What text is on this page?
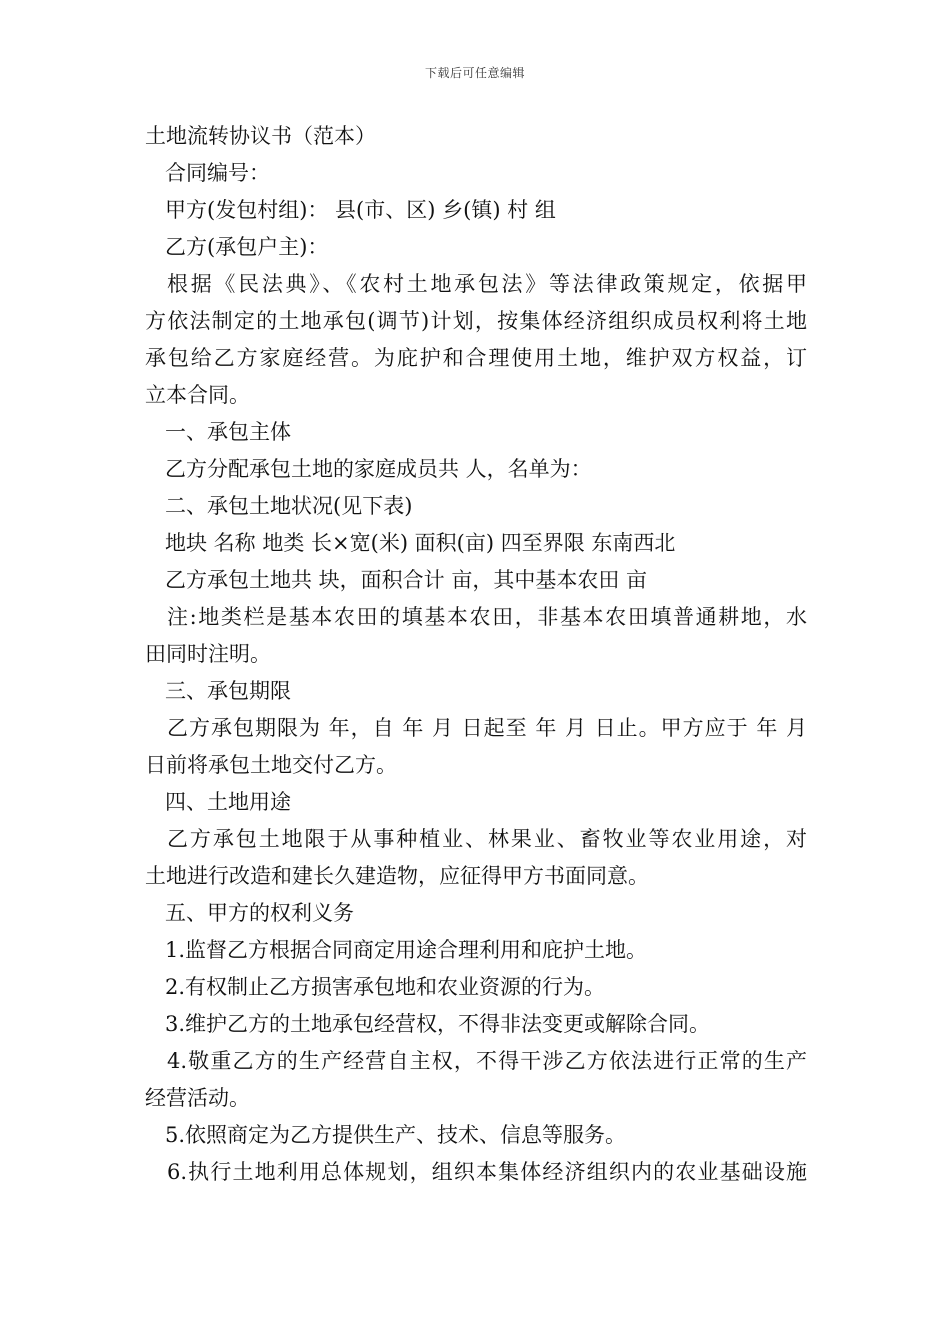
下载后可任意编辑
土地流转协议书（范本）
合同编号：
甲方(发包村组)： 县(市、区) 乡(镇) 村 组
乙方(承包户主)：
根据《民法典》、《农村土地承包法》等法律政策规定，依据甲
方依法制定的土地承包(调节)计划，按集体经济组织成员权利将土地
承包给乙方家庭经营。为庇护和合理使用土地，维护双方权益，订
立本合同。
一、承包主体
乙方分配承包土地的家庭成员共 人，名单为：
二、承包土地状况(见下表)
地块 名称 地类 长×宽(米) 面积(亩) 四至界限 东南西北
乙方承包土地共 块，面积合计 亩，其中基本农田 亩
注:地类栏是基本农田的填基本农田，非基本农田填普通耕地，水
田同时注明。
三、承包期限
乙方承包期限为 年，自 年 月 日起至 年 月 日止。甲方应于 年 月
日前将承包土地交付乙方。
四、土地用途
乙方承包土地限于从事种植业、林果业、畜牧业等农业用途，对
土地进行改造和建长久建造物，应征得甲方书面同意。
五、甲方的权利义务
1.监督乙方根据合同商定用途合理利用和庇护土地。
2.有权制止乙方损害承包地和农业资源的行为。
3.维护乙方的土地承包经营权，不得非法变更或解除合同。
4.敬重乙方的生产经营自主权，不得干涉乙方依法进行正常的生产
经营活动。
5.依照商定为乙方提供生产、技术、信息等服务。
6.执行土地利用总体规划，组织本集体经济组织内的农业基础设施
